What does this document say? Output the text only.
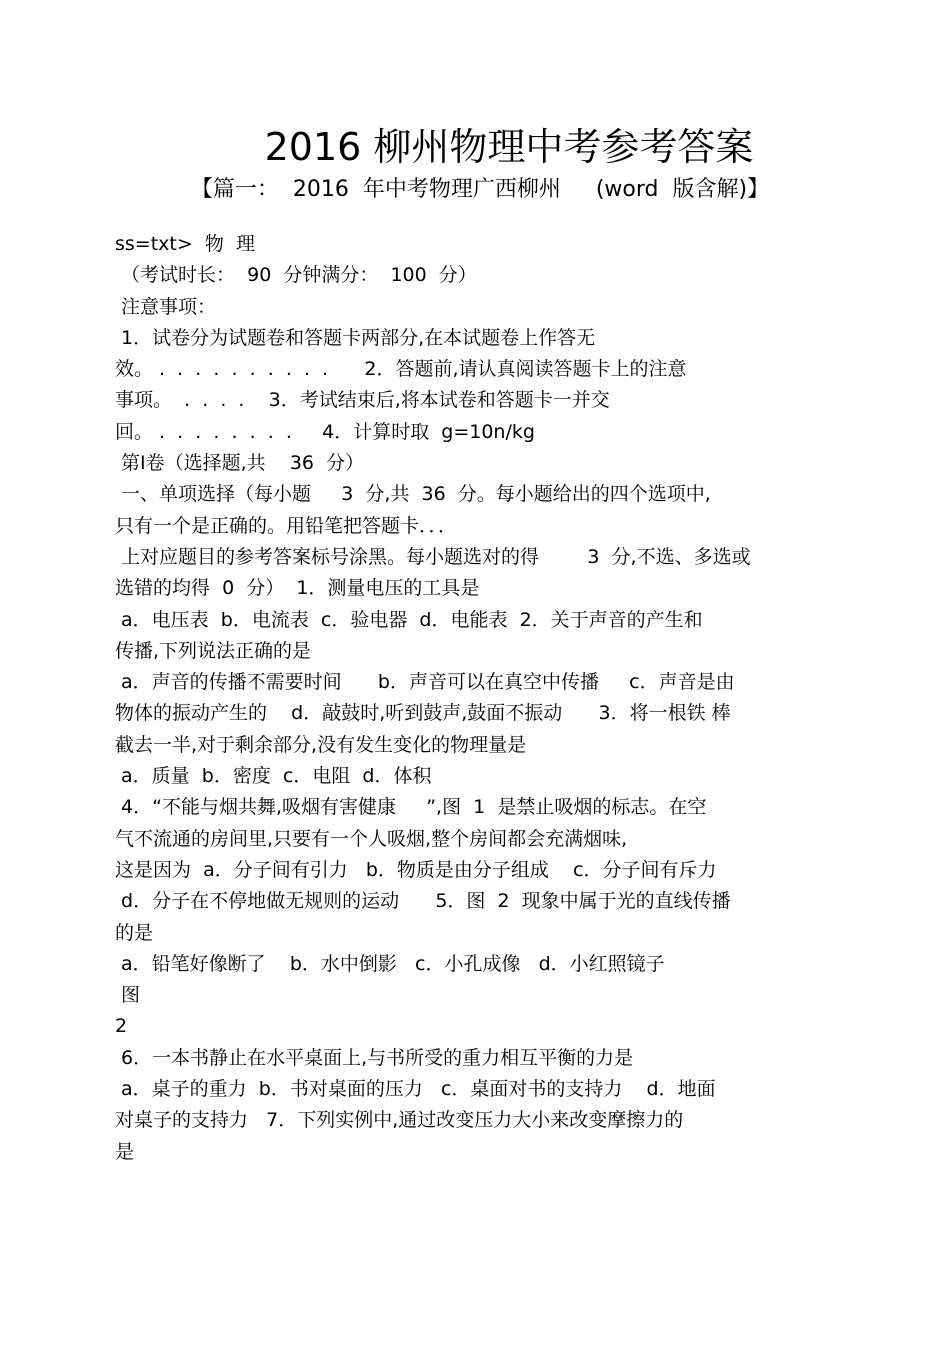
2016 柳州物理中考参考答案
【篇一：  2016  年中考物理广西柳州     (word  版含解)】
ss=txt>  物  理
（考试时长：  90  分钟满分：  100  分）
注意事项：
1．试卷分为试题卷和答题卡两部分,在本试题卷上作答无
效。 .  .  .  .  .  .  .  .  .  .      2．答题前,请认真阅读答题卡上的注意
事项。  .  .  .  .    3．考试结束后,将本试卷和答题卡一并交
回。 .  .  .  .  .  .  .  .     4．计算时取  g=10n/kg
第Ⅰ卷（选择题,共    36  分）
一、单项选择（每小题     3  分,共  36  分。每小题给出的四个选项中,
只有一个是正确的。用铅笔把答题卡．．．
上对应题目的参考答案标号涂黑。每小题选对的得        3  分,不选、多选或
选错的均得  0  分）  1．测量电压的工具是
a．电压表  b．电流表  c．验电器  d．电能表  2．关于声音的产生和
传播,下列说法正确的是
a．声音的传播不需要时间      b．声音可以在真空中传播     c．声音是由
物体的振动产生的    d．敲鼓时,听到鼓声,鼓面不振动      3．将一根铁 棒
截去一半,对于剩余部分,没有发生变化的物理量是
a．质量  b．密度  c．电阻  d．体积
4．“不能与烟共舞,吸烟有害健康     ”,图  1  是禁止吸烟的标志。在空
气不流通的房间里,只要有一个人吸烟,整个房间都会充满烟味,
这是因为  a．分子间有引力   b．物质是由分子组成    c．分子间有斥力
d．分子在不停地做无规则的运动      5．图  2  现象中属于光的直线传播
的是
a．铅笔好像断了    b．水中倒影   c．小孔成像   d．小红照镜子
图
2
6．一本书静止在水平桌面上,与书所受的重力相互平衡的力是
a．桌子的重力  b．书对桌面的压力   c．桌面对书的支持力    d．地面
对桌子的支持力   7．下列实例中,通过改变压力大小来改变摩擦力的
是
